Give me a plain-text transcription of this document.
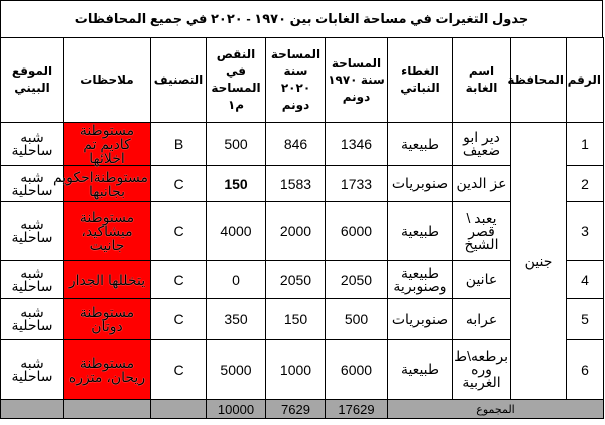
جدول التغيرات في مساحة الغابات بين ١٩٧٠ - ٢٠٢٠ في جميع المحافظات
الرقم	المحافظة	اسم الغابة	الغطاء النباتي	المساحة سنة ١٩٧٠ دونم	المساحة سنة ٢٠٢٠ دونم	النقص في المساحة م١	التصنيف	ملاحظات	الموقع البيني
1	جنين	دير ابو ضعيف	طبيعية	1346	846	500	B	مستوطنة كاديم تم اخلائها	شبه ساحلية
2		عز الدين	صنوبريات	1733	1583	150	C	مستوطنةاحكويم بجانبها	شبه ساحلية
3		يعبد \ قصر الشيخ	طبيعية	6000	2000	4000	C	مستوطنة ميشاكيد، جانيت	شبه ساحلية
4		عانين	طبيعية وصنوبرية	2050	2050	0	C	يتخللها الجدار	شبه ساحلية
5		عرابه	صنوبريات	500	150	350	C	مستوطنة دوتان	شبه ساحلية
6		برطعه\ط وره الغربية	طبيعية	6000	1000	5000	C	مستوطنة ريحان، متزره	شبه ساحلية
المجموع				17629	7629	10000			
